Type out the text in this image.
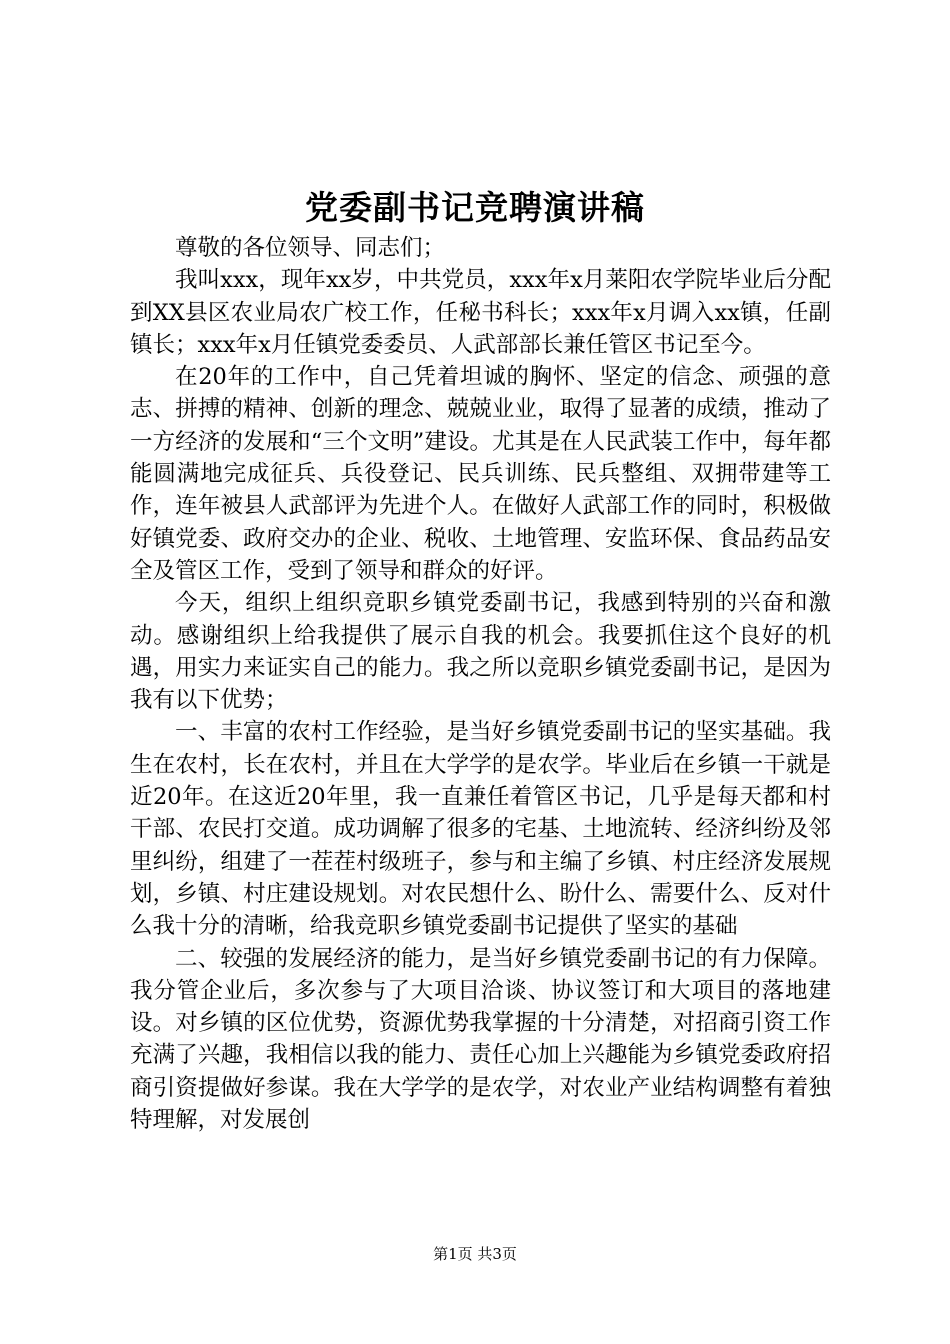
党委副书记竞聘演讲稿

尊敬的各位领导、同志们；

我叫xxx，现年xx岁，中共党员，xxx年x月莱阳农学院毕业后分配到XX县区农业局农广校工作，任秘书科长；xxx年x月调入xx镇，任副镇长；xxx年x月任镇党委委员、人武部部长兼任管区书记至今。

在20年的工作中，自己凭着坦诚的胸怀、坚定的信念、顽强的意志、拼搏的精神、创新的理念、兢兢业业，取得了显著的成绩，推动了一方经济的发展和“三个文明”建设。尤其是在人民武装工作中，每年都能圆满地完成征兵、兵役登记、民兵训练、民兵整组、双拥带建等工作，连年被县人武部评为先进个人。在做好人武部工作的同时，积极做好镇党委、政府交办的企业、税收、土地管理、安监环保、食品药品安全及管区工作，受到了领导和群众的好评。

今天，组织上组织竞职乡镇党委副书记，我感到特别的兴奋和激动。感谢组织上给我提供了展示自我的机会。我要抓住这个良好的机遇，用实力来证实自己的能力。我之所以竞职乡镇党委副书记，是因为我有以下优势；

一、丰富的农村工作经验，是当好乡镇党委副书记的坚实基础。我生在农村，长在农村，并且在大学学的是农学。毕业后在乡镇一干就是近20年。在这近20年里，我一直兼任着管区书记，几乎是每天都和村干部、农民打交道。成功调解了很多的宅基、土地流转、经济纠纷及邻里纠纷，组建了一茬茬村级班子，参与和主编了乡镇、村庄经济发展规划，乡镇、村庄建设规划。对农民想什么、盼什么、需要什么、反对什么我十分的清晰，给我竞职乡镇党委副书记提供了坚实的基础

二、较强的发展经济的能力，是当好乡镇党委副书记的有力保障。我分管企业后，多次参与了大项目洽谈、协议签订和大项目的落地建设。对乡镇的区位优势，资源优势我掌握的十分清楚，对招商引资工作充满了兴趣，我相信以我的能力、责任心加上兴趣能为乡镇党委政府招商引资提做好参谋。我在大学学的是农学，对农业产业结构调整有着独特理解，对发展创

第1页 共3页
